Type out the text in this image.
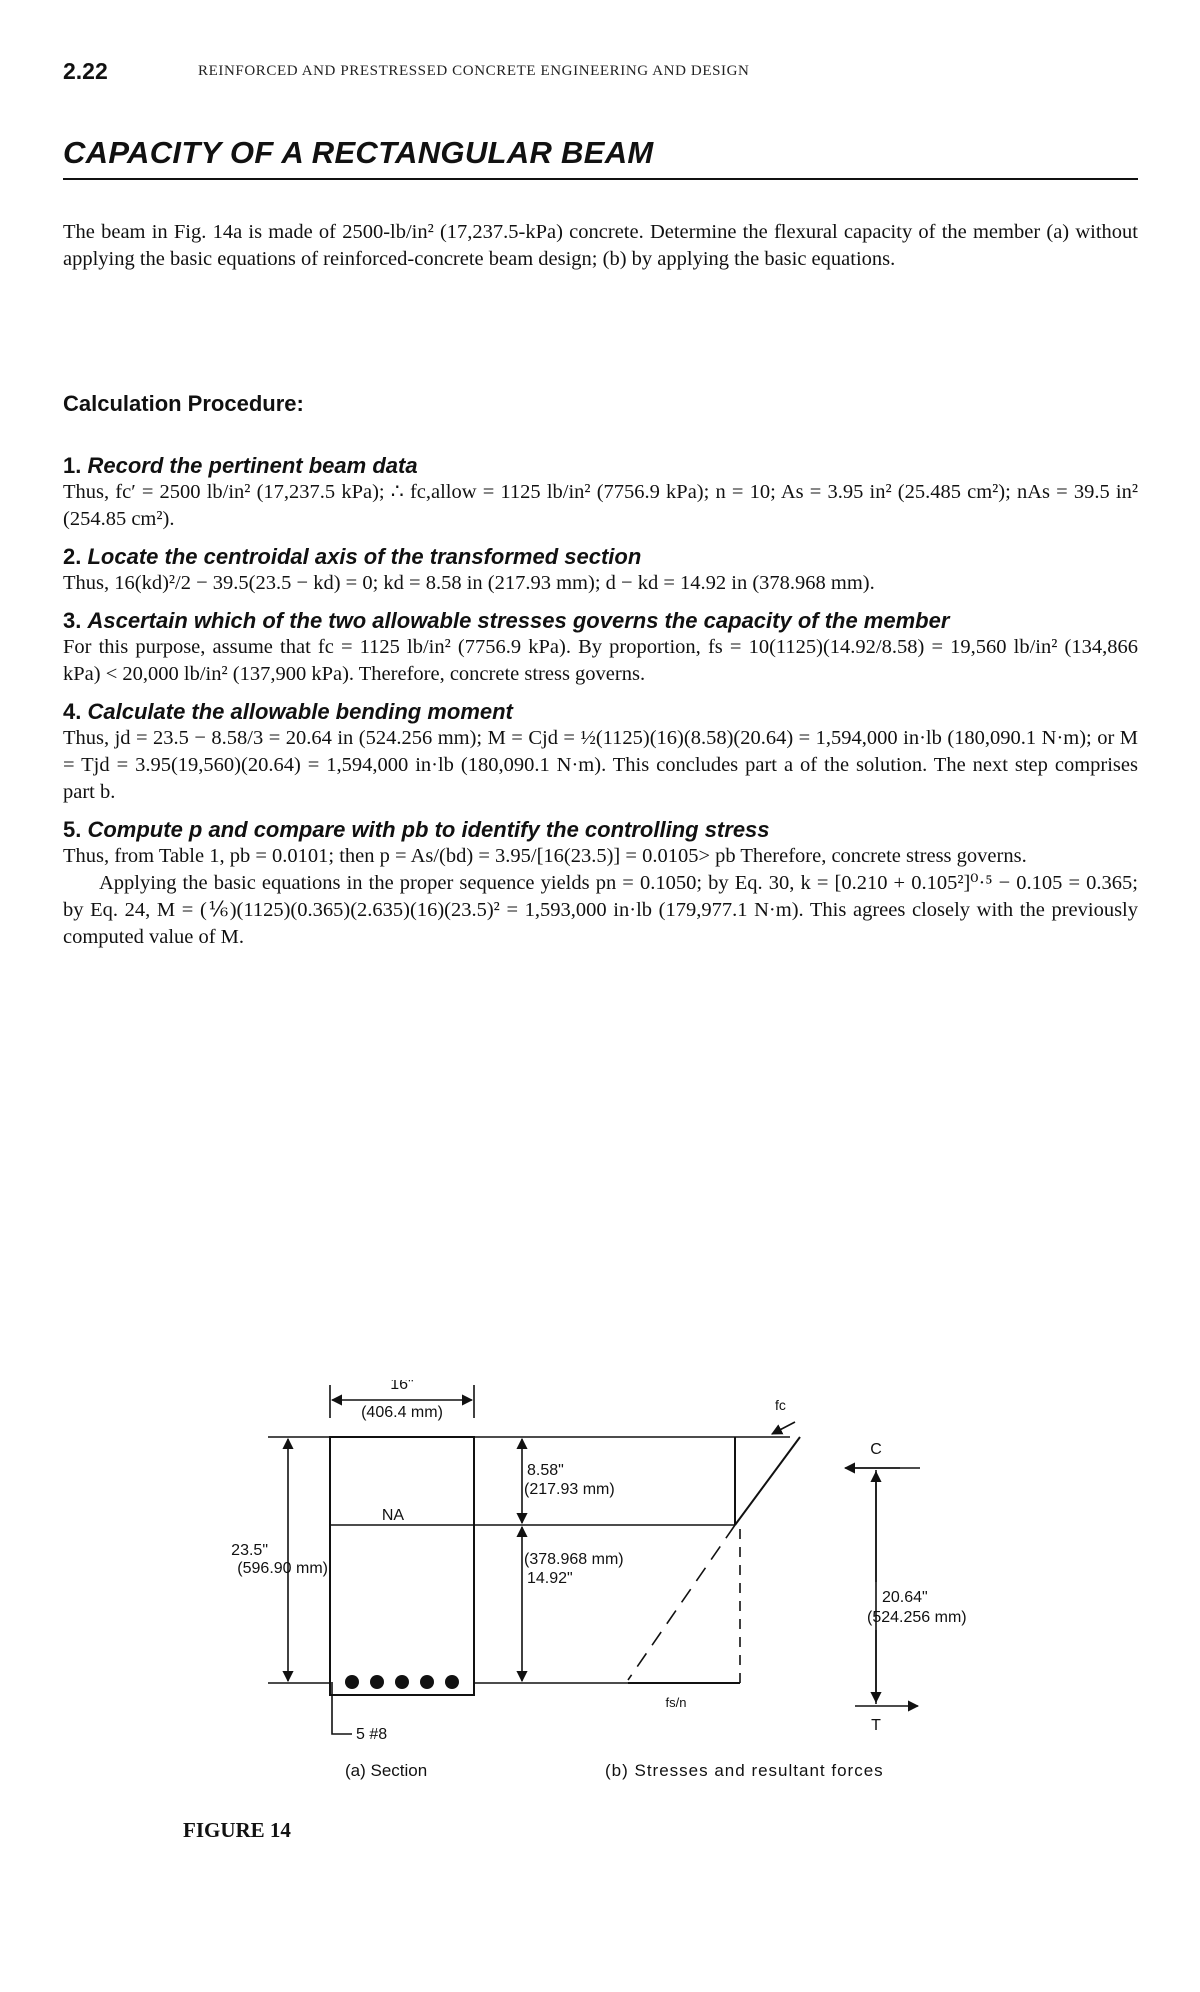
2.22	REINFORCED AND PRESTRESSED CONCRETE ENGINEERING AND DESIGN
CAPACITY OF A RECTANGULAR BEAM
The beam in Fig. 14a is made of 2500-lb/in² (17,237.5-kPa) concrete. Determine the flexural capacity of the member (a) without applying the basic equations of reinforced-concrete beam design; (b) by applying the basic equations.
Calculation Procedure:
1. Record the pertinent beam data
Thus, fc′ = 2500 lb/in² (17,237.5 kPa); ∴ fc,allow = 1125 lb/in² (7756.9 kPa); n = 10; As = 3.95 in² (25.485 cm²); nAs = 39.5 in² (254.85 cm²).
2. Locate the centroidal axis of the transformed section
Thus, 16(kd)²/2 − 39.5(23.5 − kd) = 0; kd = 8.58 in (217.93 mm); d − kd = 14.92 in (378.968 mm).
3. Ascertain which of the two allowable stresses governs the capacity of the member
For this purpose, assume that fc = 1125 lb/in² (7756.9 kPa). By proportion, fs = 10(1125)(14.92/8.58) = 19,560 lb/in² (134,866 kPa) < 20,000 lb/in² (137,900 kPa). Therefore, concrete stress governs.
4. Calculate the allowable bending moment
Thus, jd = 23.5 − 8.58/3 = 20.64 in (524.256 mm); M = Cjd = ½(1125)(16)(8.58)(20.64) = 1,594,000 in·lb (180,090.1 N·m); or M = Tjd = 3.95(19,560)(20.64) = 1,594,000 in·lb (180,090.1 N·m). This concludes part a of the solution. The next step comprises part b.
5. Compute p and compare with pb to identify the controlling stress
Thus, from Table 1, pb = 0.0101; then p = As/(bd) = 3.95/[16(23.5)] = 0.0105> pb Therefore, concrete stress governs.
Applying the basic equations in the proper sequence yields pn = 0.1050; by Eq. 30, k = [0.210 + 0.105²]⁰·⁵ − 0.105 = 0.365; by Eq. 24, M = (⅙)(1125)(0.365)(2.635)(16)(23.5)² = 1,593,000 in·lb (179,977.1 N·m). This agrees closely with the previously computed value of M.
16"
(406.4 mm)
NA
23.5"
(596.90 mm)
8.58"
(217.93 mm)
(378.968 mm)
14.92"
5 #8
fc
fs/n
C
T
20.64"
(524.256 mm)
(a) Section	(b) Stresses and resultant forces
FIGURE 14
